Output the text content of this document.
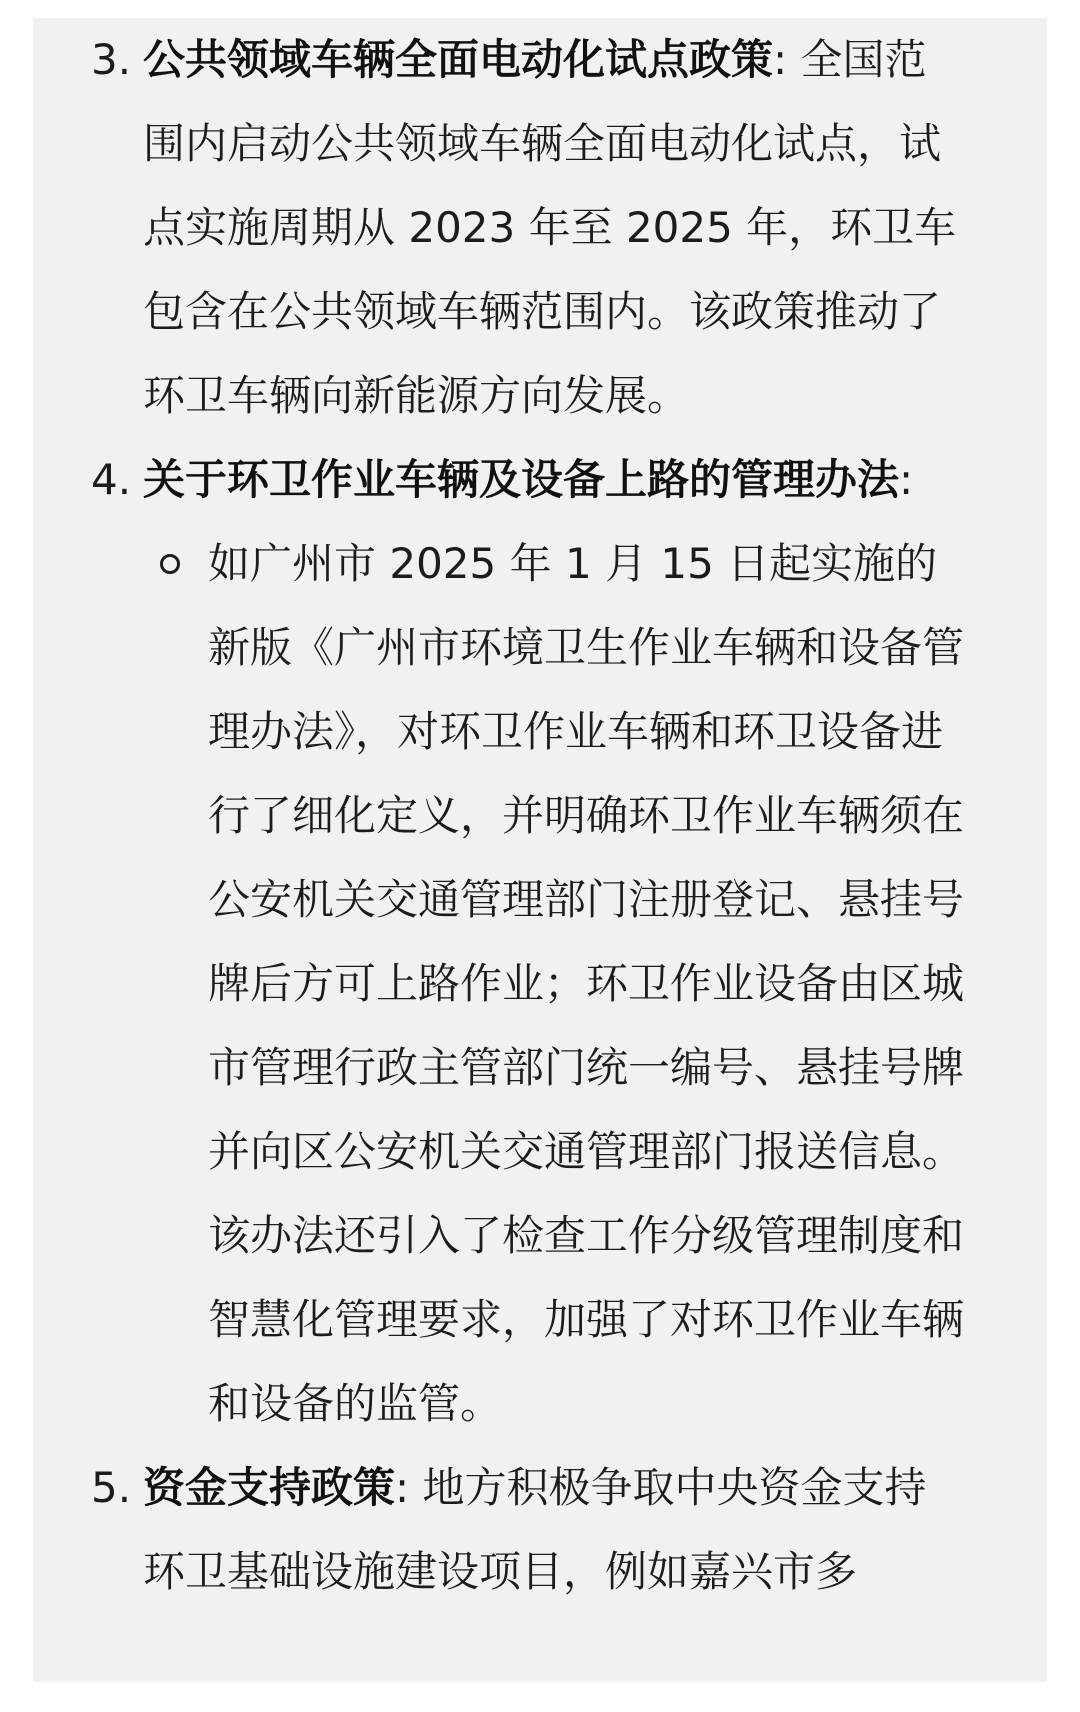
3. 公共领域车辆全面电动化试点政策: 全国范围内启动公共领域车辆全面电动化试点，试点实施周期从 2023 年至 2025 年，环卫车包含在公共领域车辆范围内。该政策推动了环卫车辆向新能源方向发展。

4. 关于环卫作业车辆及设备上路的管理办法:

如广州市 2025 年 1 月 15 日起实施的新版《广州市环境卫生作业车辆和设备管理办法》，对环卫作业车辆和环卫设备进行了细化定义，并明确环卫作业车辆须在公安机关交通管理部门注册登记、悬挂号牌后方可上路作业；环卫作业设备由区城市管理行政主管部门统一编号、悬挂号牌并向区公安机关交通管理部门报送信息。该办法还引入了检查工作分级管理制度和智慧化管理要求，加强了对环卫作业车辆和设备的监管。

5. 资金支持政策: 地方积极争取中央资金支持环卫基础设施建设项目，例如嘉兴市多
